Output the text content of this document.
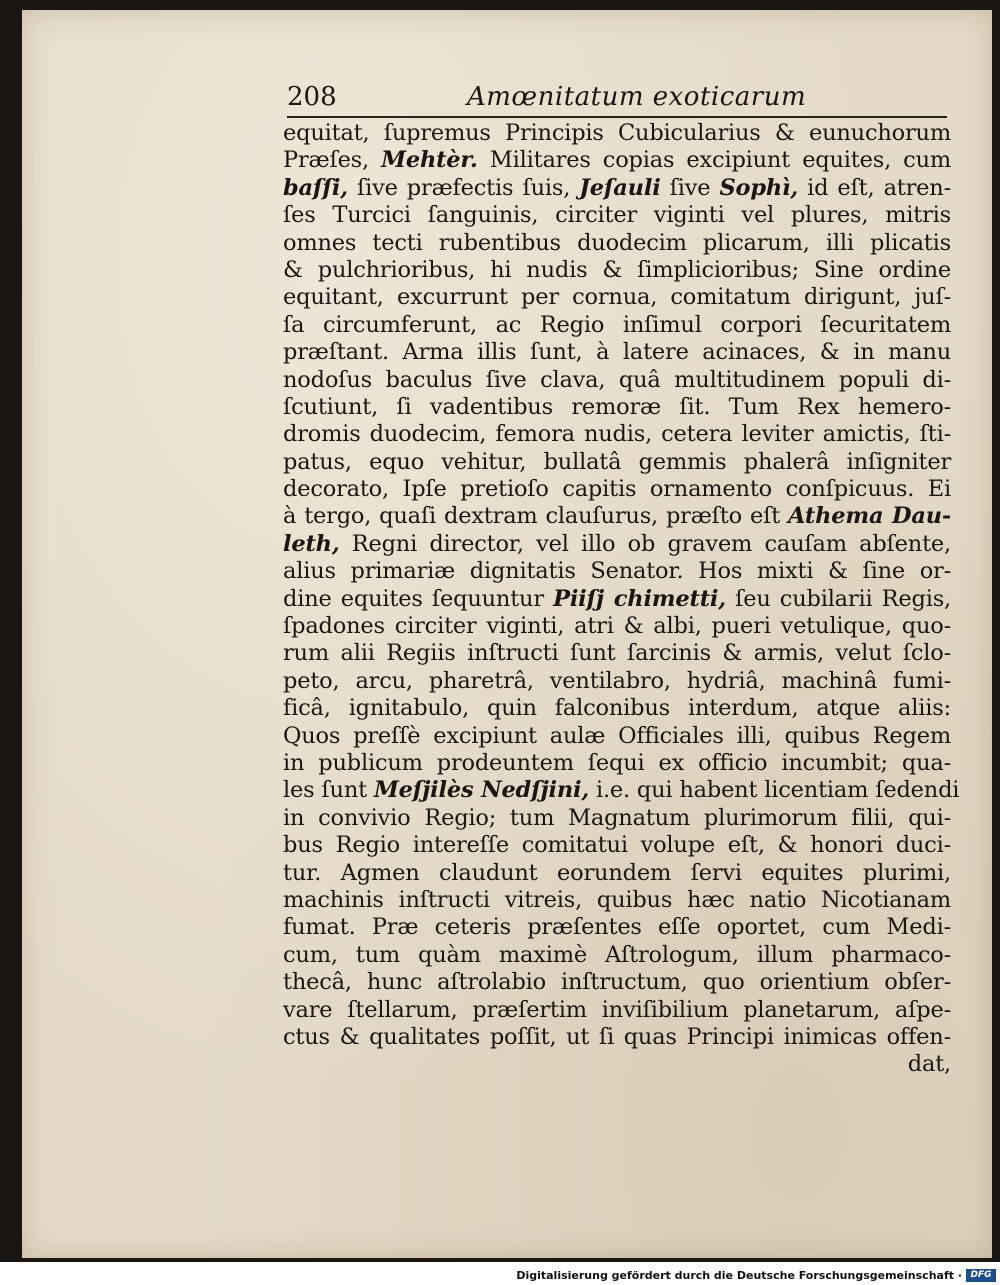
208	Amœnitatum exoticarum
equitat, ſupremus Principis Cubicularius & eunuchorum
Præſes, Mehtèr. Militares copias excipiunt equites, cum
baſſi, ſive præfectis ſuis, Jeſauli ſive Sophì, id eſt, atren-
ſes Turcici ſanguinis, circiter viginti vel plures, mitris
omnes tecti rubentibus duodecim plicarum, illi plicatis
& pulchrioribus, hi nudis & ſimplicioribus; Sine ordine
equitant, excurrunt per cornua, comitatum dirigunt, juſ-
ſa circumferunt, ac Regio inſimul corpori ſecuritatem
præſtant. Arma illis ſunt, à latere acinaces, & in manu
nodoſus baculus ſive clava, quâ multitudinem populi di-
ſcutiunt, ſi vadentibus remoræ ſit. Tum Rex hemero-
dromis duodecim, femora nudis, cetera leviter amictis, ſti-
patus, equo vehitur, bullatâ gemmis phalerâ inſigniter
decorato, Ipſe pretioſo capitis ornamento conſpicuus. Ei
à tergo, quaſi dextram clauſurus, præſto eſt Athema Dau-
leth, Regni director, vel illo ob gravem cauſam abſente,
alius primariæ dignitatis Senator. Hos mixti & ſine or-
dine equites ſequuntur Piiſj chimetti, ſeu cubilarii Regis,
ſpadones circiter viginti, atri & albi, pueri vetulique, quo-
rum alii Regiis inſtructi ſunt ſarcinis & armis, velut ſclo-
peto, arcu, pharetrâ, ventilabro, hydriâ, machinâ fumi-
ficâ, ignitabulo, quin falconibus interdum, atque aliis:
Quos preſſè excipiunt aulæ Officiales illi, quibus Regem
in publicum prodeuntem ſequi ex officio incumbit; qua-
les ſunt Meſjilès Nedſjini, i.e. qui habent licentiam ſedendi
in convivio Regio; tum Magnatum plurimorum filii, qui-
bus Regio intereſſe comitatui volupe eſt, & honori duci-
tur. Agmen claudunt eorundem ſervi equites plurimi,
machinis inſtructi vitreis, quibus hæc natio Nicotianam
fumat. Præ ceteris præſentes eſſe oportet, cum Medi-
cum, tum quàm maximè Aſtrologum, illum pharmaco-
thecâ, hunc aſtrolabio inſtructum, quo orientium obſer-
vare ſtellarum, præſertim inviſibilium planetarum, aſpe-
ctus & qualitates poſſit, ut ſi quas Principi inimicas offen-
dat,
Digitalisierung gefördert durch die Deutsche Forschungsgemeinschaft · DFG
